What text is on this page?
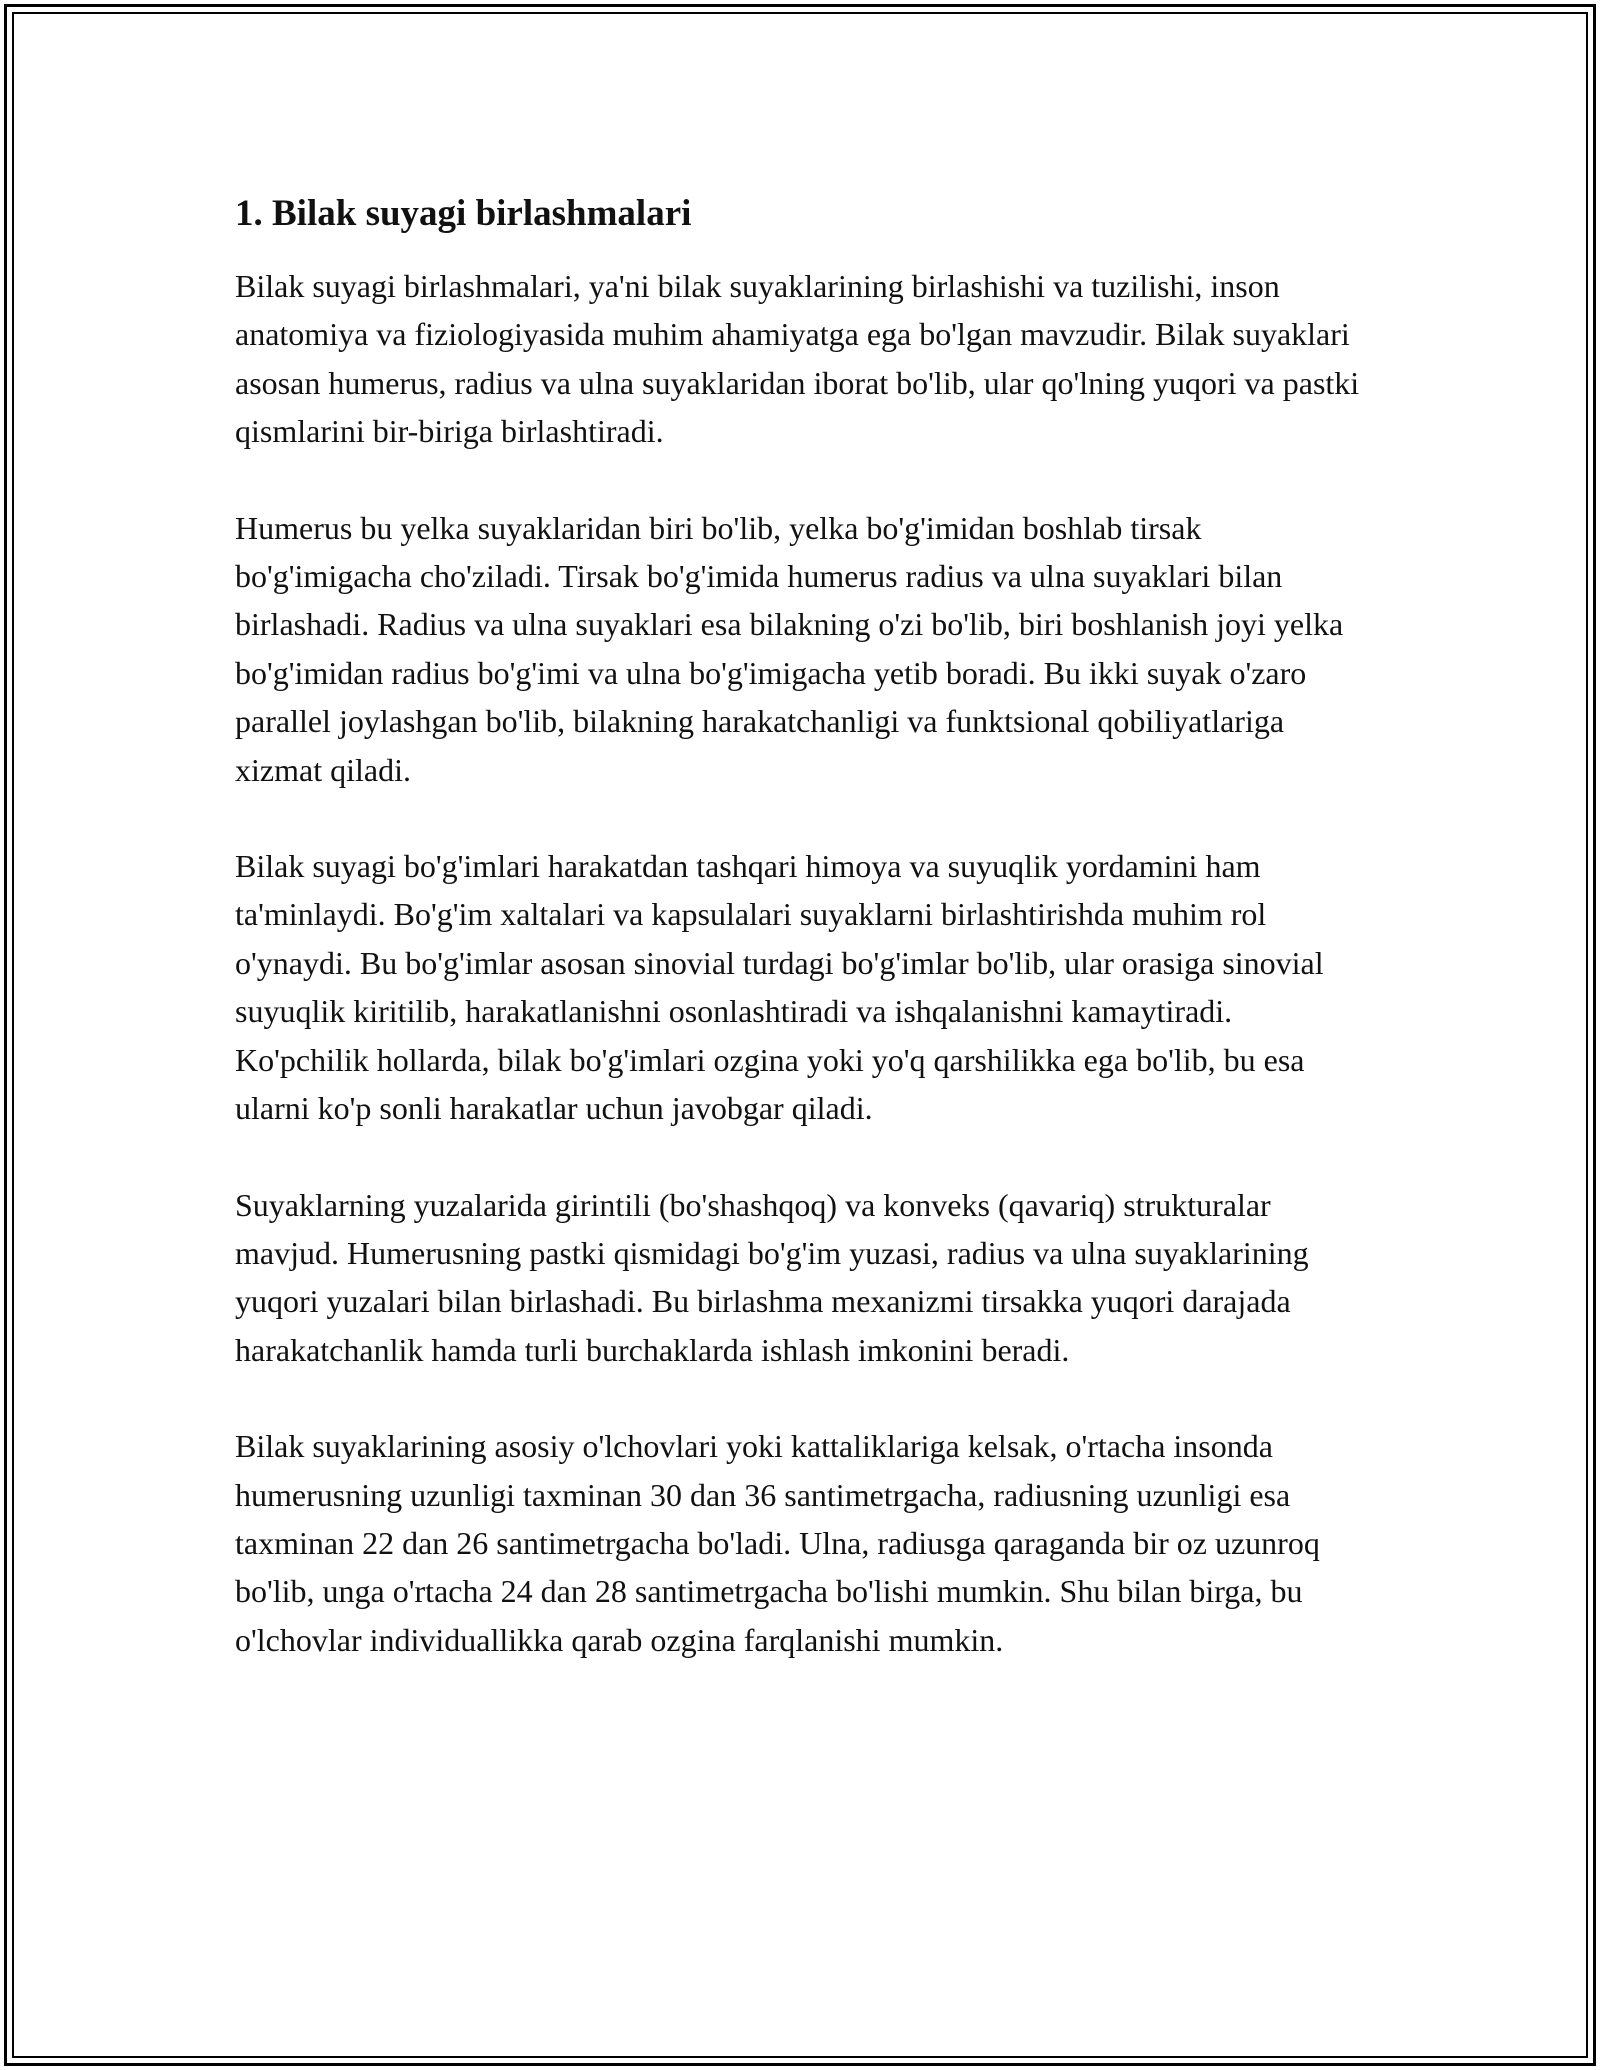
1. Bilak suyagi birlashmalari

Bilak suyagi birlashmalari, ya'ni bilak suyaklarining birlashishi va tuzilishi, inson anatomiya va fiziologiyasida muhim ahamiyatga ega bo'lgan mavzudir. Bilak suyaklari asosan humerus, radius va ulna suyaklaridan iborat bo'lib, ular qo'lning yuqori va pastki qismlarini bir-biriga birlashtiradi.

Humerus bu yelka suyaklaridan biri bo'lib, yelka bo'g'imidan boshlab tirsak bo'g'imigacha cho'ziladi. Tirsak bo'g'imida humerus radius va ulna suyaklari bilan birlashadi. Radius va ulna suyaklari esa bilakning o'zi bo'lib, biri boshlanish joyi yelka bo'g'imidan radius bo'g'imi va ulna bo'g'imigacha yetib boradi. Bu ikki suyak o'zaro parallel joylashgan bo'lib, bilakning harakatchanligi va funktsional qobiliyatlariga xizmat qiladi.

Bilak suyagi bo'g'imlari harakatdan tashqari himoya va suyuqlik yordamini ham ta'minlaydi. Bo'g'im xaltalari va kapsulalari suyaklarni birlashtirishda muhim rol o'ynaydi. Bu bo'g'imlar asosan sinovial turdagi bo'g'imlar bo'lib, ular orasiga sinovial suyuqlik kiritilib, harakatlanishni osonlashtiradi va ishqalanishni kamaytiradi. Ko'pchilik hollarda, bilak bo'g'imlari ozgina yoki yo'q qarshilikka ega bo'lib, bu esa ularni ko'p sonli harakatlar uchun javobgar qiladi.

Suyaklarning yuzalarida girintili (bo'shashqoq) va konveks (qavariq) strukturalar mavjud. Humerusning pastki qismidagi bo'g'im yuzasi, radius va ulna suyaklarining yuqori yuzalari bilan birlashadi. Bu birlashma mexanizmi tirsakka yuqori darajada harakatchanlik hamda turli burchaklarda ishlash imkonini beradi.

Bilak suyaklarining asosiy o'lchovlari yoki kattaliklariga kelsak, o'rtacha insonda humerusning uzunligi taxminan 30 dan 36 santimetrgacha, radiusning uzunligi esa taxminan 22 dan 26 santimetrgacha bo'ladi. Ulna, radiusga qaraganda bir oz uzunroq bo'lib, unga o'rtacha 24 dan 28 santimetrgacha bo'lishi mumkin. Shu bilan birga, bu o'lchovlar individuallikka qarab ozgina farqlanishi mumkin.
